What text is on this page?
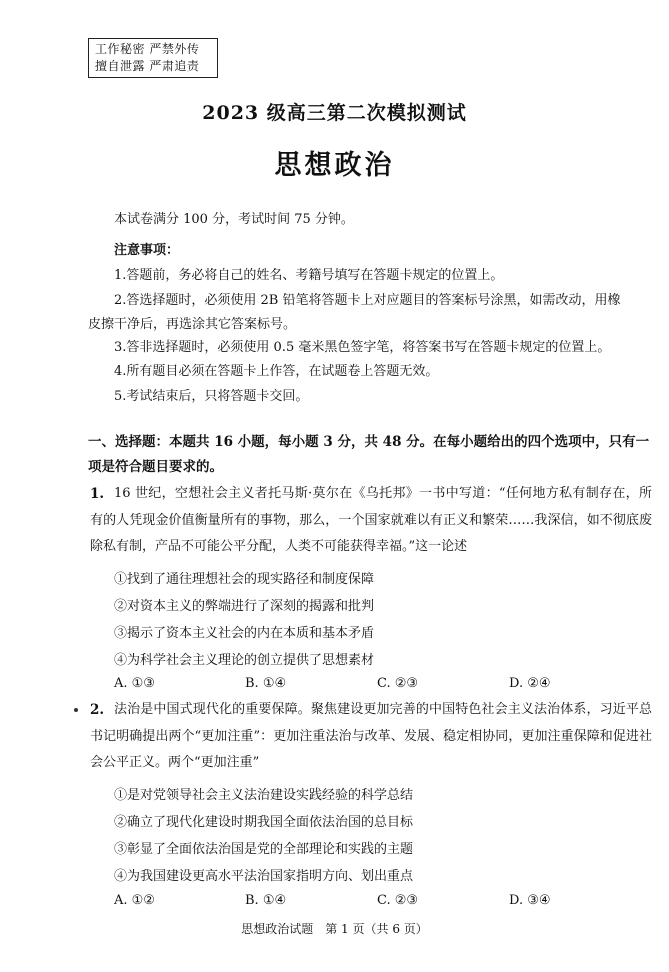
工作秘密 严禁外传
擅自泄露 严肃追责
2023 级高三第二次模拟测试
思想政治
本试卷满分 100 分，考试时间 75 分钟。
注意事项：
1.答题前，务必将自己的姓名、考籍号填写在答题卡规定的位置上。
2.答选择题时，必须使用 2B 铅笔将答题卡上对应题目的答案标号涂黑，如需改动，用橡
皮擦干净后，再选涂其它答案标号。
3.答非选择题时，必须使用 0.5 毫米黑色签字笔，将答案书写在答题卡规定的位置上。
4.所有题目必须在答题卡上作答，在试题卷上答题无效。
5.考试结束后，只将答题卡交回。
一、选择题：本题共 16 小题，每小题 3 分，共 48 分。在每小题给出的四个选项中，只有一项是符合题目要求的。
1. 16 世纪，空想社会主义者托马斯·莫尔在《乌托邦》一书中写道：“任何地方私有制存在，所有的人凭现金价值衡量所有的事物，那么，一个国家就难以有正义和繁荣……我深信，如不彻底废除私有制，产品不可能公平分配，人类不可能获得幸福。”这一论述
①找到了通往理想社会的现实路径和制度保障
②对资本主义的弊端进行了深刻的揭露和批判
③揭示了资本主义社会的内在本质和基本矛盾
④为科学社会主义理论的创立提供了思想素材
A. ①③	B. ①④	C. ②③	D. ②④
2. 法治是中国式现代化的重要保障。聚焦建设更加完善的中国特色社会主义法治体系，习近平总书记明确提出两个“更加注重”：更加注重法治与改革、发展、稳定相协同，更加注重保障和促进社会公平正义。两个“更加注重”
①是对党领导社会主义法治建设实践经验的科学总结
②确立了现代化建设时期我国全面依法治国的总目标
③彰显了全面依法治国是党的全部理论和实践的主题
④为我国建设更高水平法治国家指明方向、划出重点
A. ①②	B. ①④	C. ②③	D. ③④
思想政治试题　第 1 页（共 6 页）
